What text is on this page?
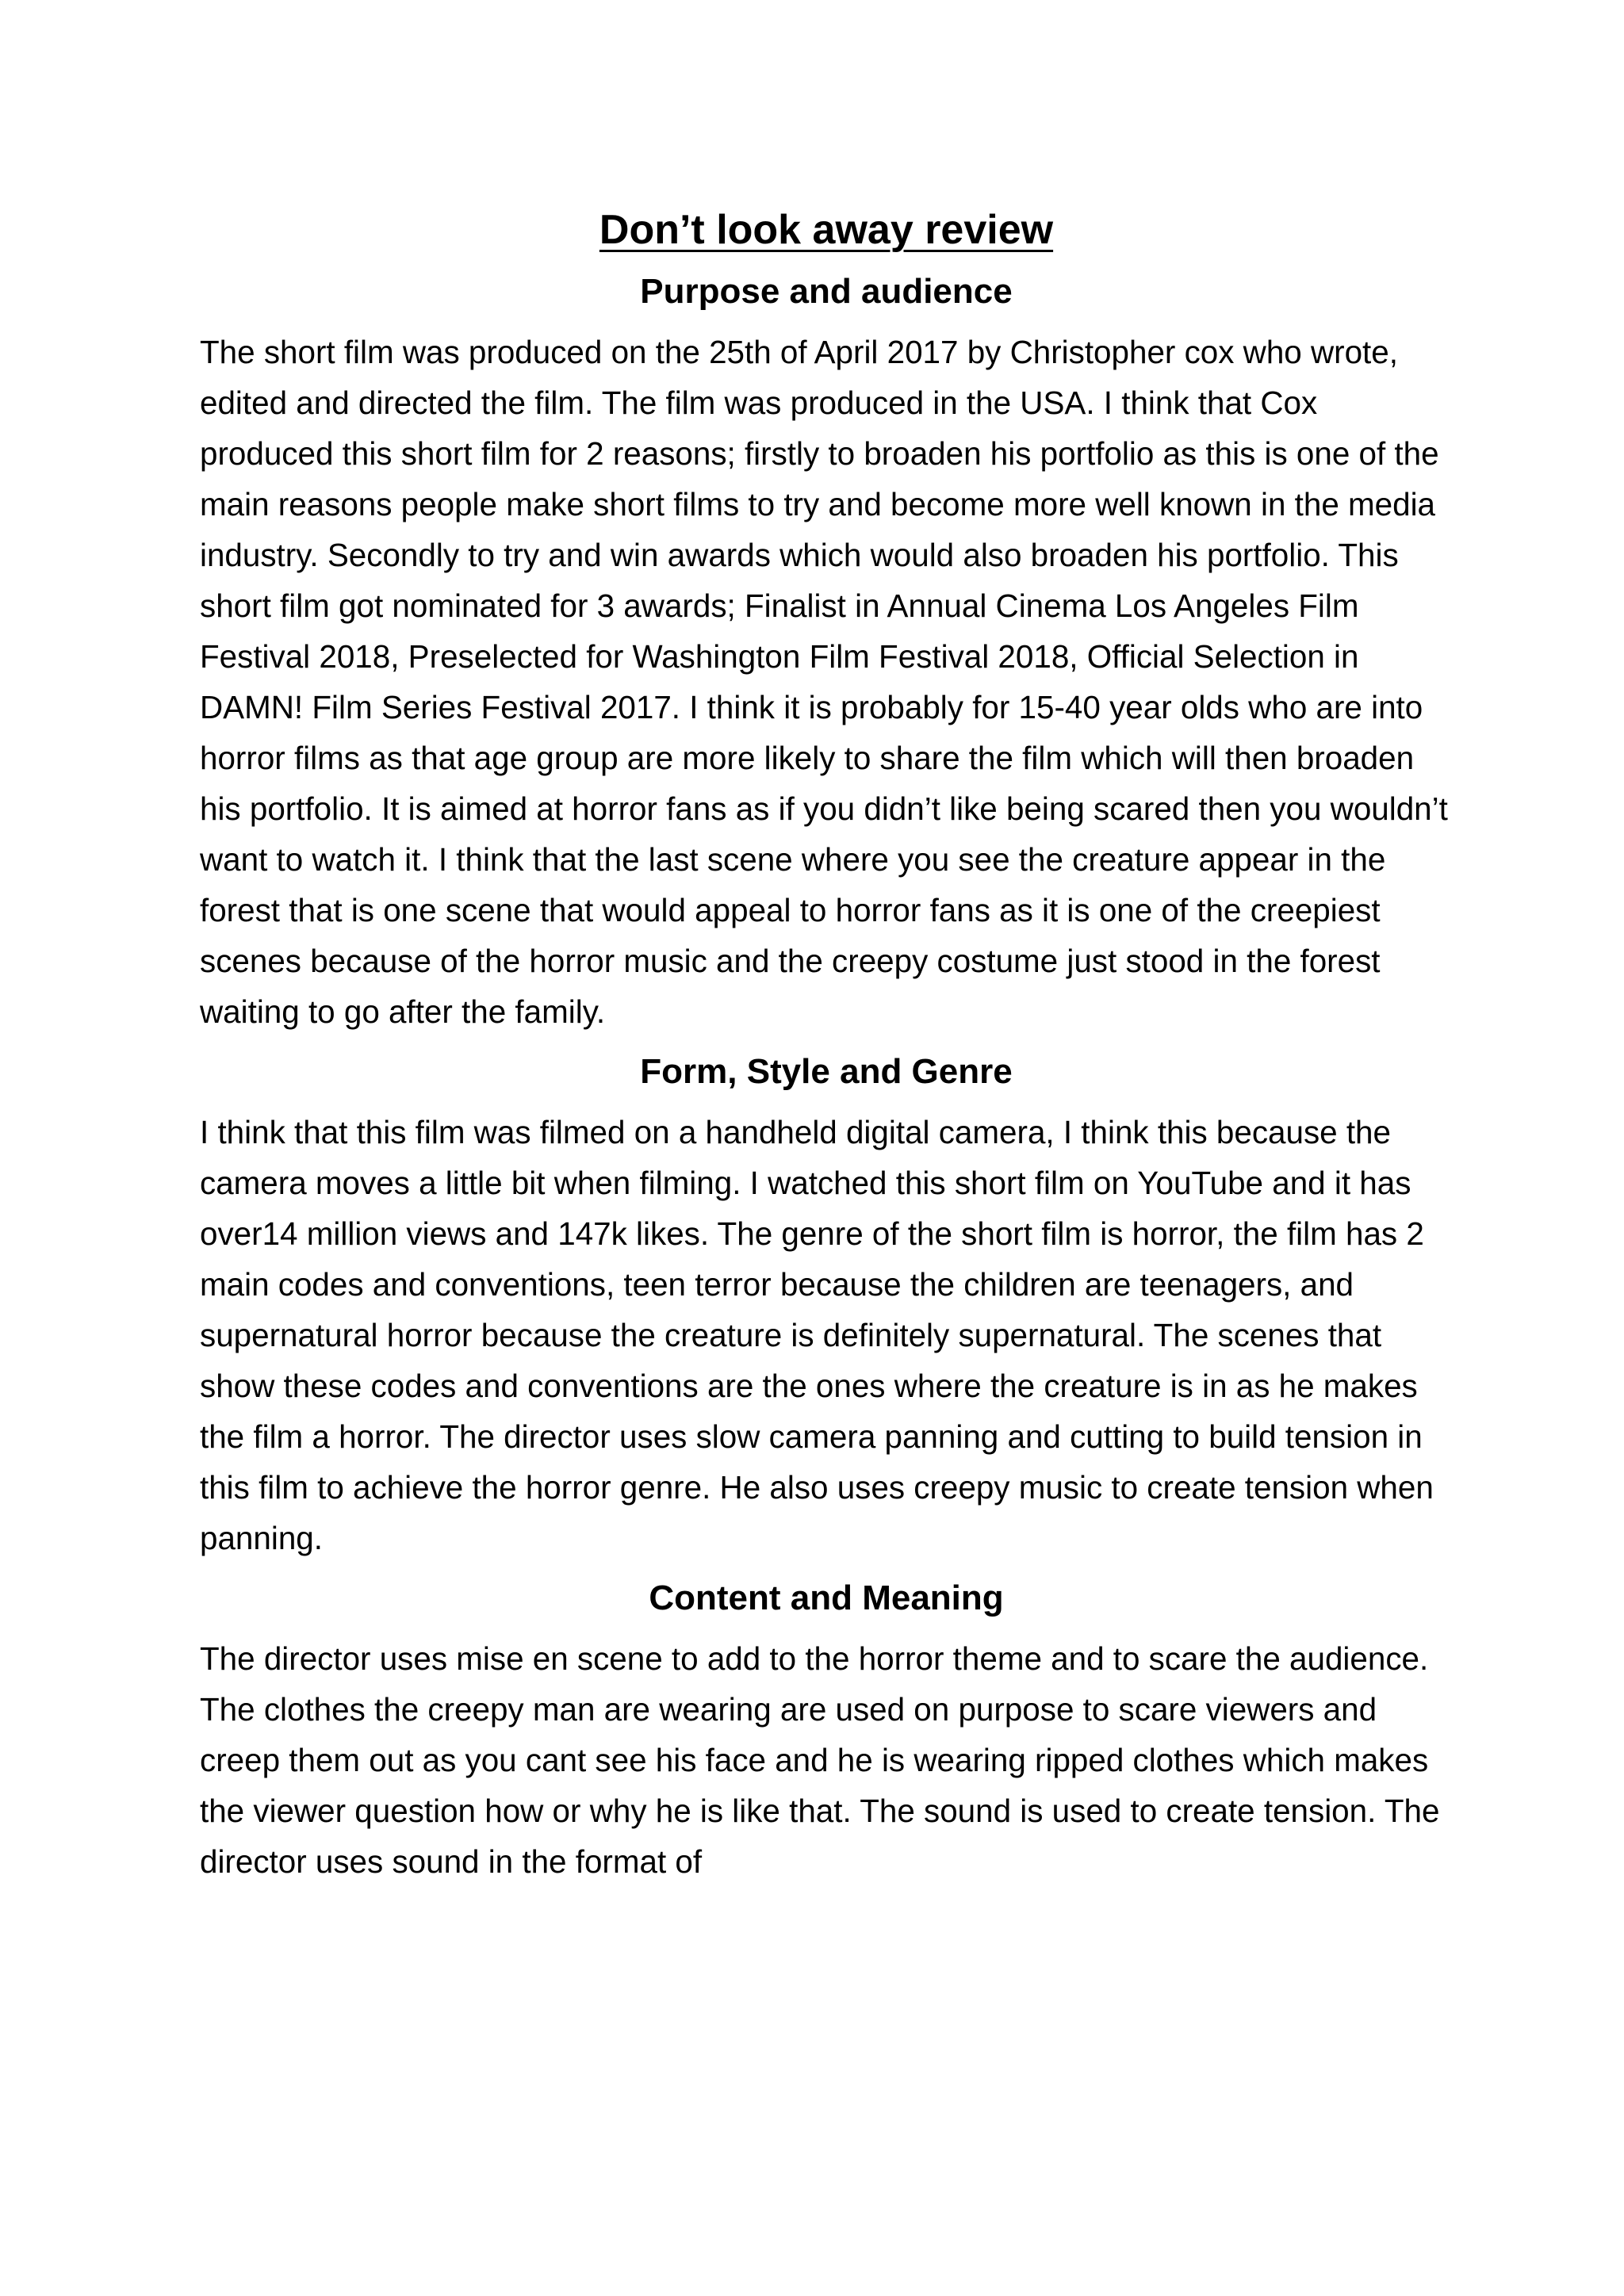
Don’t look away review
Purpose and audience

The short film was produced on the 25th of April 2017 by Christopher cox who wrote, edited and directed the film. The film was produced in the USA. I think that Cox produced this short film for 2 reasons; firstly to broaden his portfolio as this is one of the main reasons people make short films to try and become more well known in the media industry. Secondly to try and win awards which would also broaden his portfolio. This short film got nominated for 3 awards; Finalist in Annual Cinema Los Angeles Film Festival 2018, Preselected for Washington Film Festival 2018, Official Selection in DAMN! Film Series Festival 2017. I think it is probably for 15-40 year olds who are into horror films as that age group are more likely to share the film which will then broaden his portfolio. It is aimed at horror fans as if you didn’t like being scared then you wouldn’t want to watch it. I think that the last scene where you see the creature appear in the forest that is one scene that would appeal to horror fans as it is one of the creepiest scenes because of the horror music and the creepy costume just stood in the forest waiting to go after the family.

Form, Style and Genre

I think that this film was filmed on a handheld digital camera, I think this because the camera moves a little bit when filming. I watched this short film on YouTube and it has over14 million views and 147k likes. The genre of the short film is horror, the film has 2 main codes and conventions, teen terror because the children are teenagers, and supernatural horror because the creature is definitely supernatural. The scenes that show these codes and conventions are the ones where the creature is in as he makes the film a horror. The director uses slow camera panning and cutting to build tension in this film to achieve the horror genre. He also uses creepy music to create tension when panning.

Content and Meaning

The director uses mise en scene to add to the horror theme and to scare the audience. The clothes the creepy man are wearing are used on purpose to scare viewers and creep them out as you cant see his face and he is wearing ripped clothes which makes the viewer question how or why he is like that. The sound is used to create tension. The director uses sound in the format of
